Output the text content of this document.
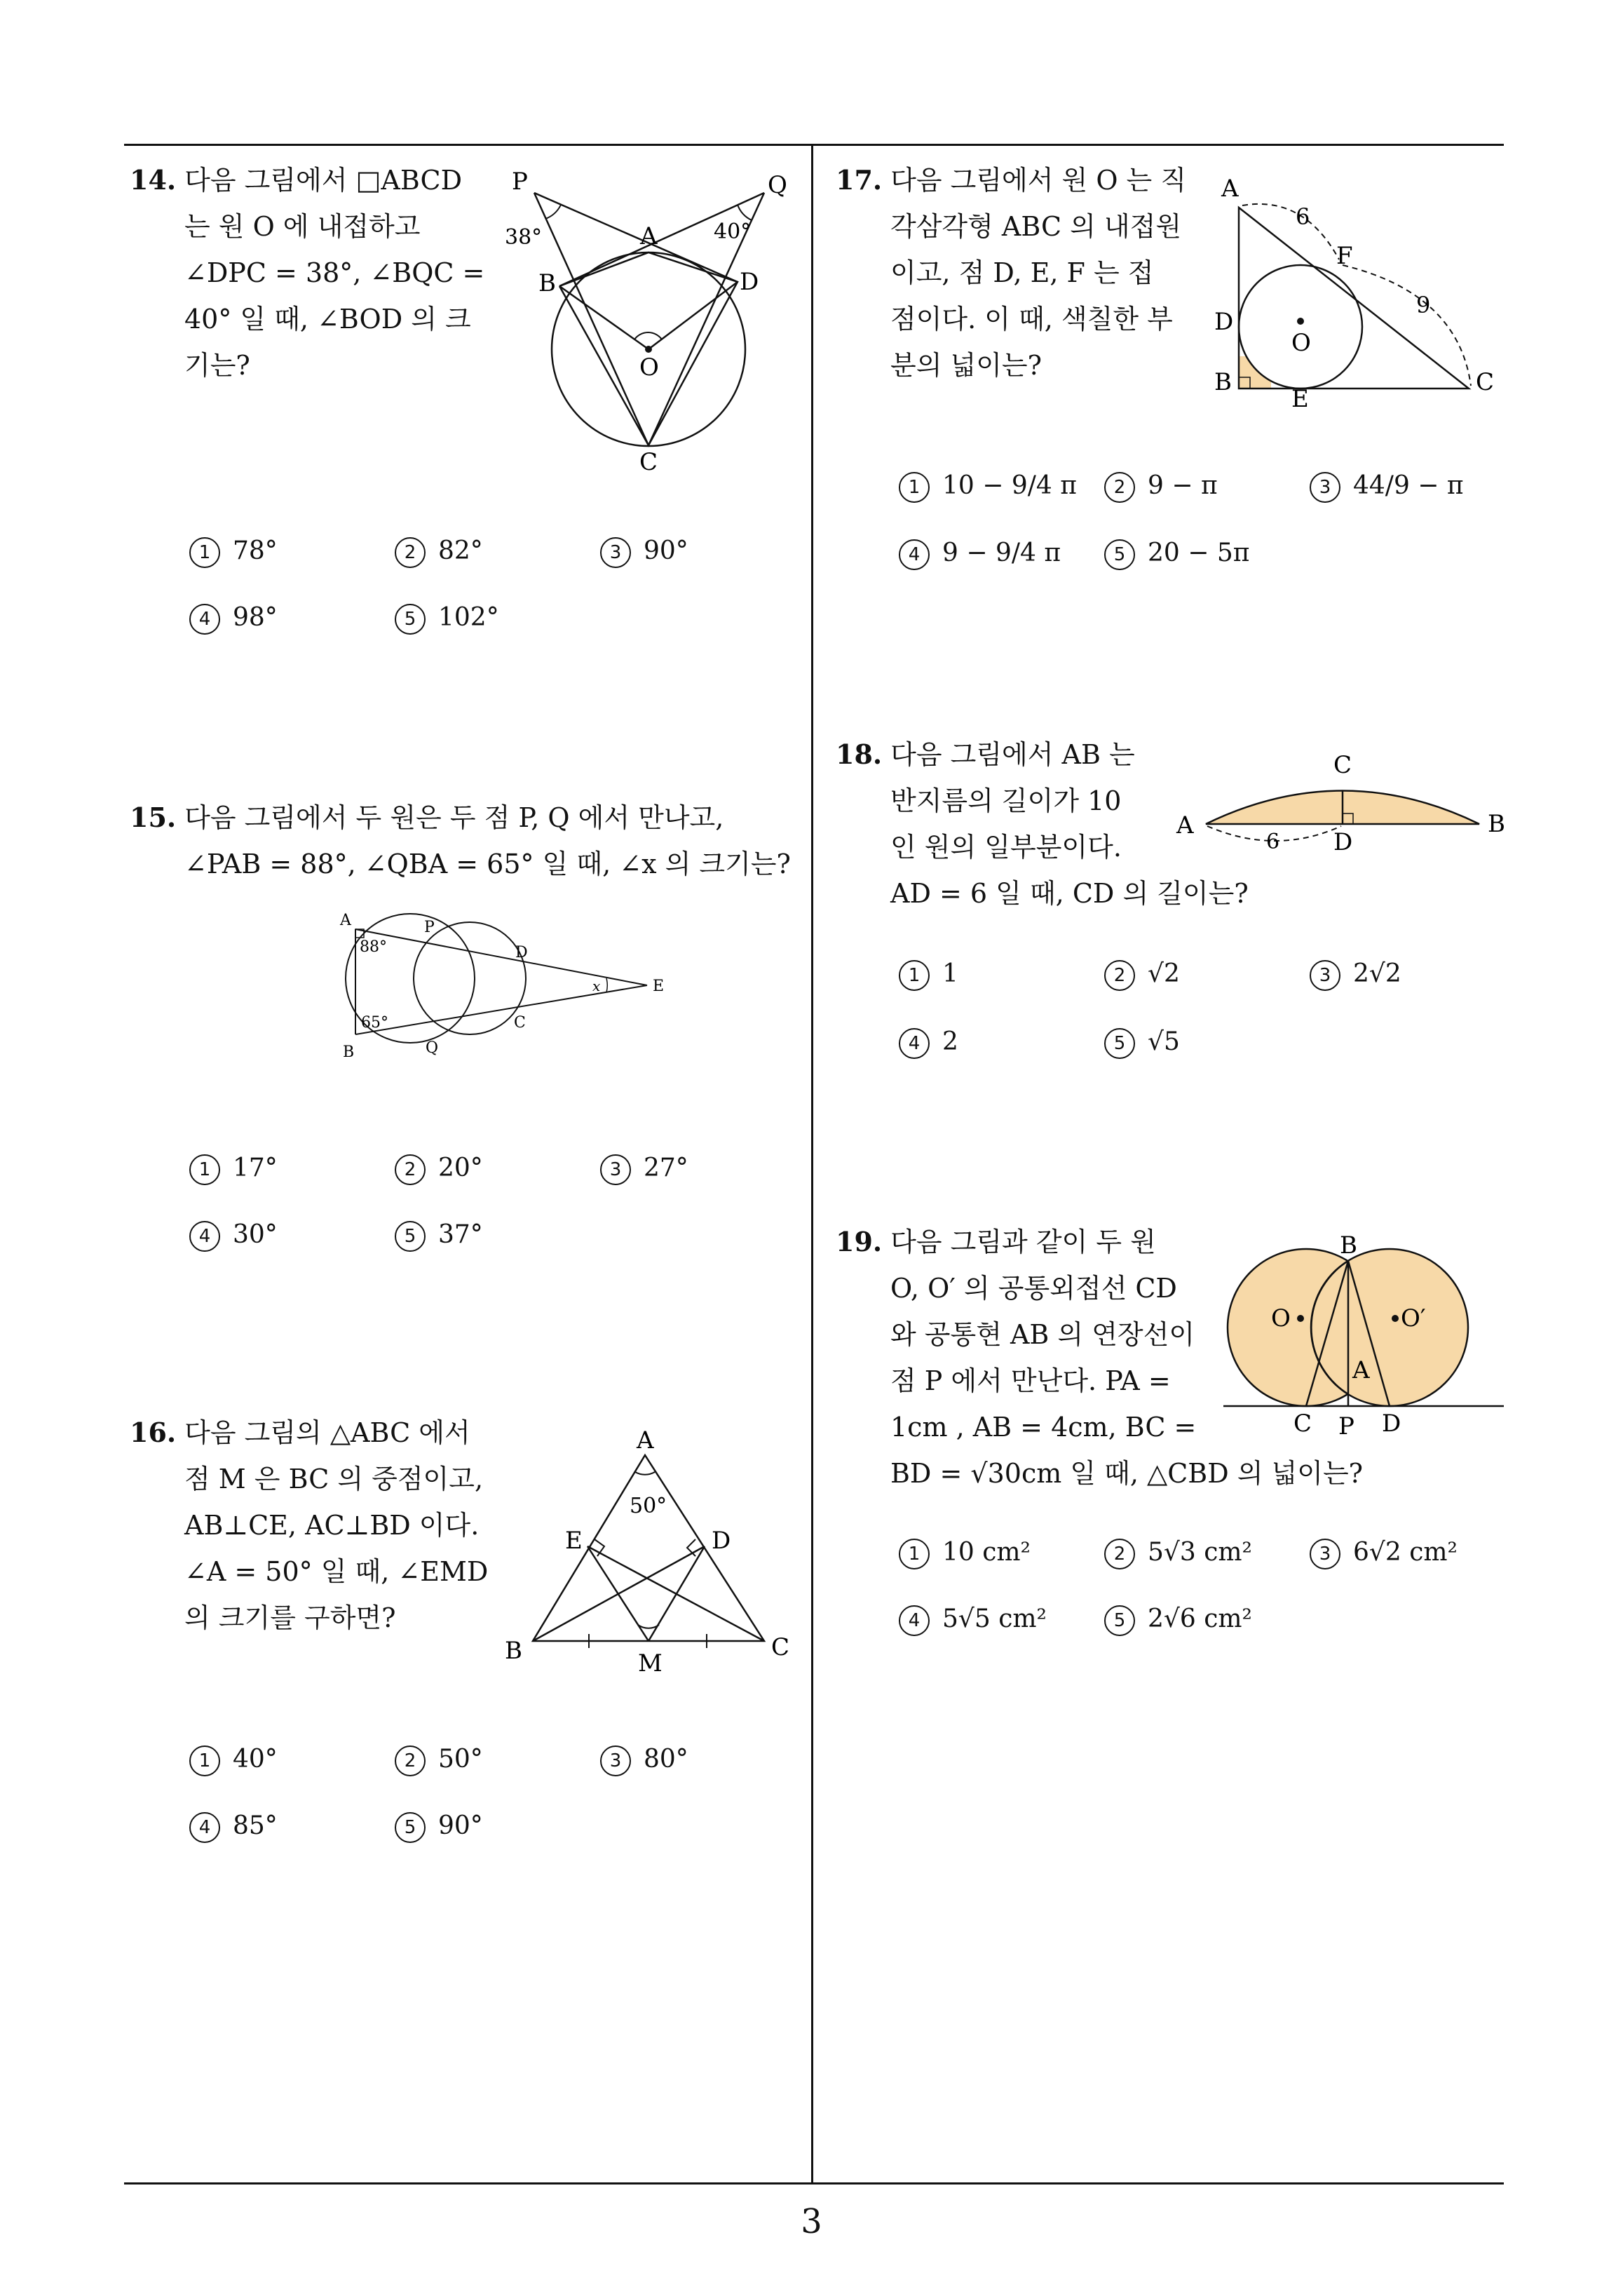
14. 다음 그림에서 □ABCD
는 원 O 에 내접하고
∠DPC = 38°, ∠BQC =
40° 일 때, ∠BOD 의 크
기는?
P	Q
A
B	D
O
C
38°	40°
1 78°	2 82°	3 90°
4 98°	5 102°
15. 다음 그림에서 두 원은 두 점 P, Q 에서 만나고,
∠PAB = 88°, ∠QBA = 65° 일 때, ∠x 의 크기는?
A	P
D
E
B	Q
C
x
88°
65°
1 17°	2 20°	3 27°
4 30°	5 37°
16. 다음 그림의 △ABC 에서
점 M 은 BC 의 중점이고,
AB⊥CE, AC⊥BD 이다.
∠A = 50° 일 때, ∠EMD
의 크기를 구하면?
A
E	D
B	M
C
50°
1 40°	2 50°	3 80°
4 85°	5 90°
17. 다음 그림에서 원 O 는 직
각삼각형 ABC 의 내접원
이고, 점 D, E, F 는 접
점이다. 이 때, 색칠한 부
분의 넓이는?
A
6
F
9
D
O
B
E
C
1 10 − 9/4 π	2 9 − π	3 44/9 − π
4 9 − 9/4 π	5 20 − 5π
18. 다음 그림에서 AB 는
반지름의 길이가 10
인 원의 일부분이다.
AD = 6 일 때, CD 의 길이는?
C
A	B
D
6
1 1	2 √2	3 2√2
4 2	5 √5
19. 다음 그림과 같이 두 원
O, O′ 의 공통외접선 CD
와 공통현 AB 의 연장선이
점 P 에서 만난다. PA =
1cm , AB = 4cm, BC =
BD = √30cm 일 때, △CBD 의 넓이는?
B
O	O′
A
C P D
1 10 cm²	2 5√3 cm²	3 6√2 cm²
4 5√5 cm²	5 2√6 cm²
3
